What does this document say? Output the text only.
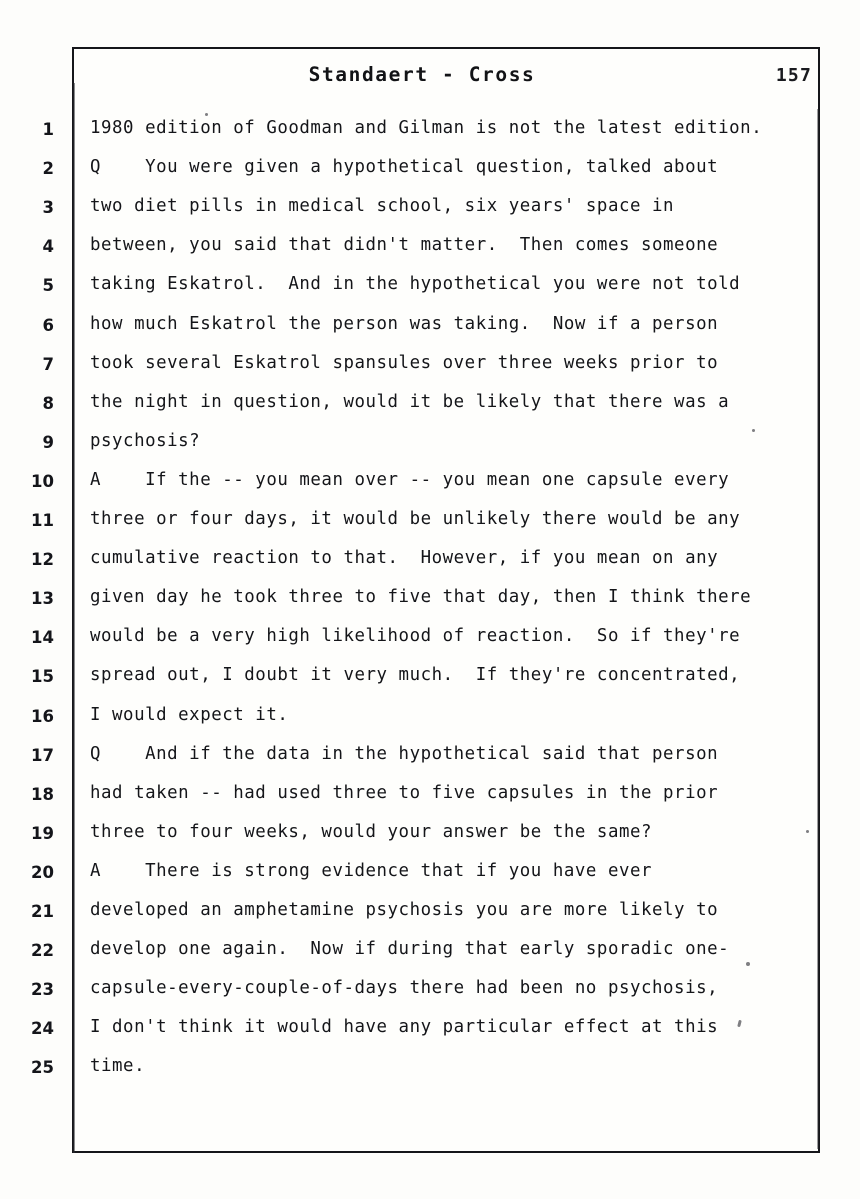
Standaert - Cross	157
1
2
3
4
5
6
7
8
9
10
11
12
13
14
15
16
17
18
19
20
21
22
23
24
25
1980 edition of Goodman and Gilman is not the latest edition.
Q    You were given a hypothetical question, talked about
two diet pills in medical school, six years' space in
between, you said that didn't matter.  Then comes someone
taking Eskatrol.  And in the hypothetical you were not told
how much Eskatrol the person was taking.  Now if a person
took several Eskatrol spansules over three weeks prior to
the night in question, would it be likely that there was a
psychosis?
A    If the -- you mean over -- you mean one capsule every
three or four days, it would be unlikely there would be any
cumulative reaction to that.  However, if you mean on any
given day he took three to five that day, then I think there
would be a very high likelihood of reaction.  So if they're
spread out, I doubt it very much.  If they're concentrated,
I would expect it.
Q    And if the data in the hypothetical said that person
had taken -- had used three to five capsules in the prior
three to four weeks, would your answer be the same?
A    There is strong evidence that if you have ever
developed an amphetamine psychosis you are more likely to
develop one again.  Now if during that early sporadic one-
capsule-every-couple-of-days there had been no psychosis,
I don't think it would have any particular effect at this
time.
